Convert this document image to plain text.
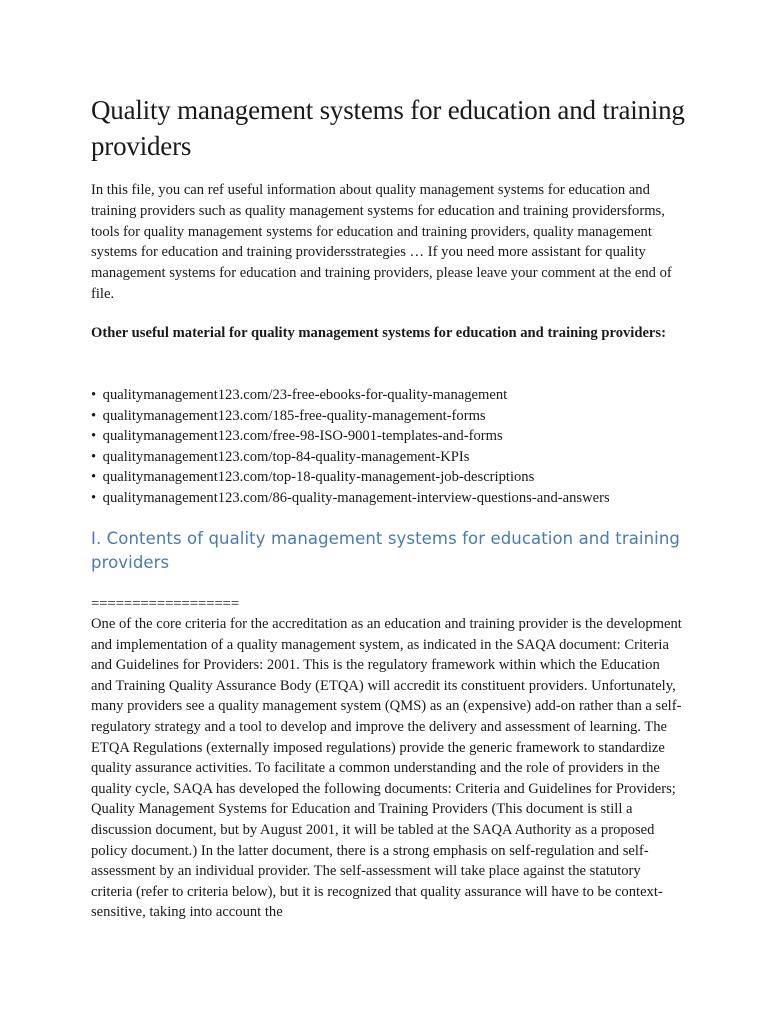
Quality management systems for education and training providers

In this file, you can ref useful information about quality management systems for education and training providers such as quality management systems for education and training providersforms, tools for quality management systems for education and training providers, quality management systems for education and training providersstrategies … If you need more assistant for quality management systems for education and training providers, please leave your comment at the end of file.

Other useful material for quality management systems for education and training providers:

• qualitymanagement123.com/23-free-ebooks-for-quality-management
• qualitymanagement123.com/185-free-quality-management-forms
• qualitymanagement123.com/free-98-ISO-9001-templates-and-forms
• qualitymanagement123.com/top-84-quality-management-KPIs
• qualitymanagement123.com/top-18-quality-management-job-descriptions
• qualitymanagement123.com/86-quality-management-interview-questions-and-answers
I. Contents of quality management systems for education and training providers

==================

One of the core criteria for the accreditation as an education and training provider is the development and implementation of a quality management system, as indicated in the SAQA document: Criteria and Guidelines for Providers: 2001. This is the regulatory framework within which the Education and Training Quality Assurance Body (ETQA) will accredit its constituent providers. Unfortunately, many providers see a quality management system (QMS) as an (expensive) add-on rather than a self-regulatory strategy and a tool to develop and improve the delivery and assessment of learning. The ETQA Regulations (externally imposed regulations) provide the generic framework to standardize quality assurance activities. To facilitate a common understanding and the role of providers in the quality cycle, SAQA has developed the following documents: Criteria and Guidelines for Providers; Quality Management Systems for Education and Training Providers (This document is still a discussion document, but by August 2001, it will be tabled at the SAQA Authority as a proposed policy document.) In the latter document, there is a strong emphasis on self-regulation and self-assessment by an individual provider. The self-assessment will take place against the statutory criteria (refer to criteria below), but it is recognized that quality assurance will have to be context-sensitive, taking into account the
